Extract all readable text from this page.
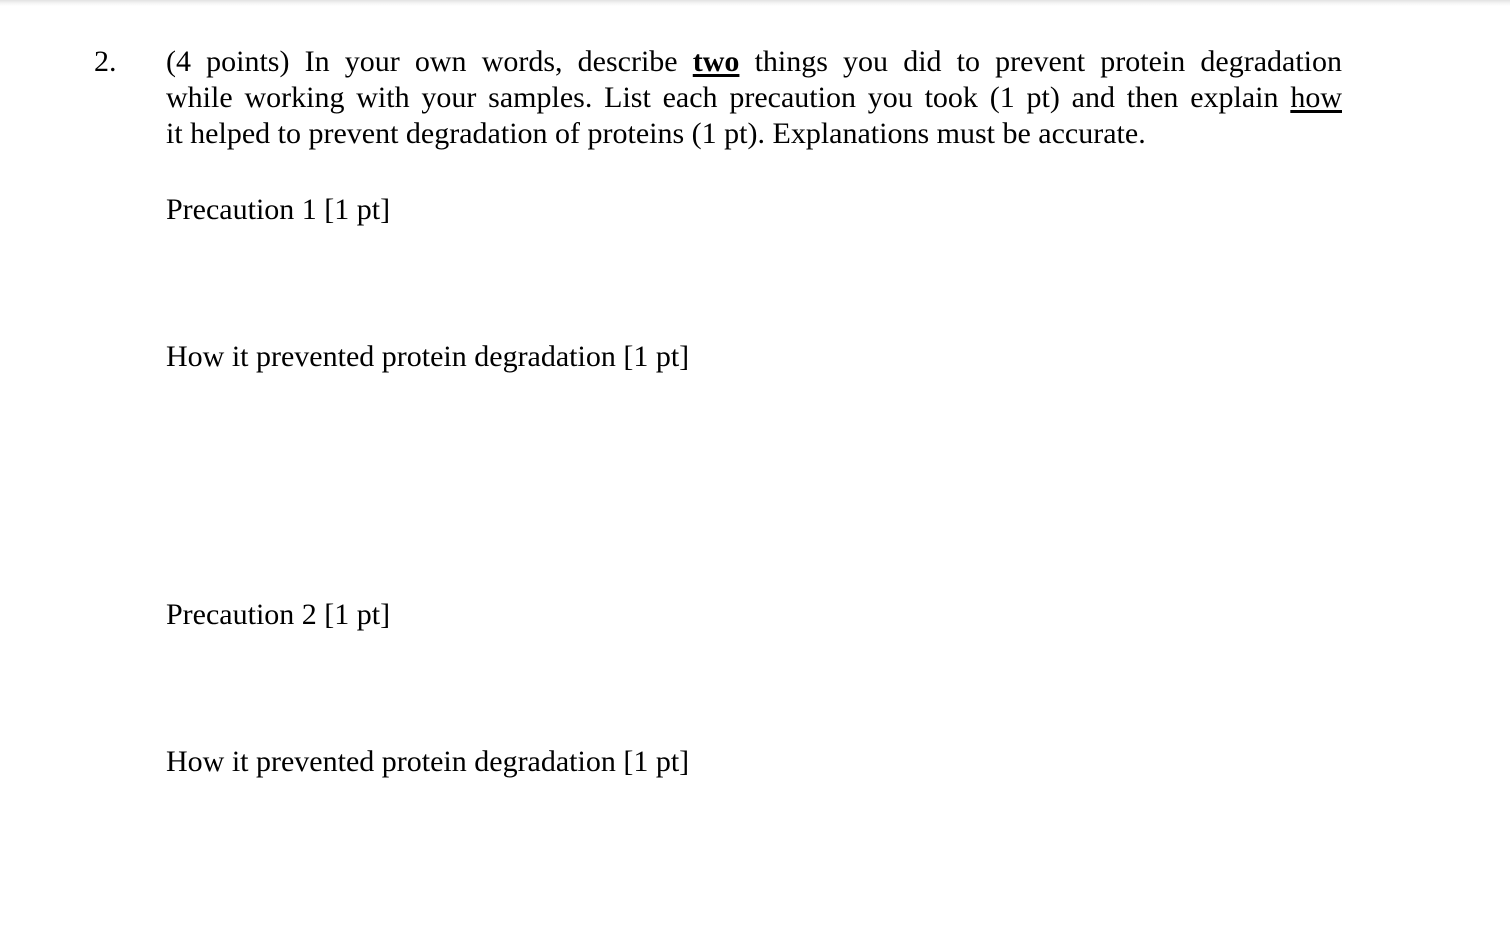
2. (4 points) In your own words, describe two things you did to prevent protein degradation
while working with your samples. List each precaution you took (1 pt) and then explain how
it helped to prevent degradation of proteins (1 pt). Explanations must be accurate.
Precaution 1 [1 pt]
How it prevented protein degradation [1 pt]
Precaution 2 [1 pt]
How it prevented protein degradation [1 pt]
